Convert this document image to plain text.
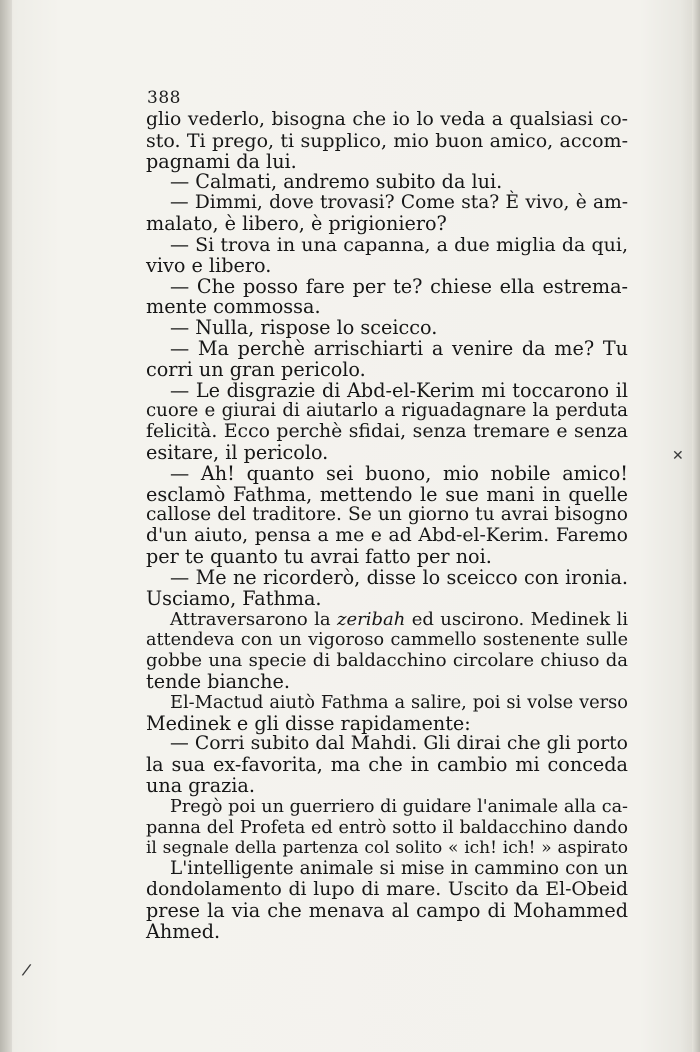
388
glio vederlo, bisogna che io lo veda a qualsiasi co-
sto. Ti prego, ti supplico, mio buon amico, accom-
pagnami da lui.
— Calmati, andremo subito da lui.
— Dimmi, dove trovasi? Come sta? È vivo, è am-
malato, è libero, è prigioniero?
— Si trova in una capanna, a due miglia da qui,
vivo e libero.
— Che posso fare per te? chiese ella estrema-
mente commossa.
— Nulla, rispose lo sceicco.
— Ma perchè arrischiarti a venire da me? Tu
corri un gran pericolo.
— Le disgrazie di Abd-el-Kerim mi toccarono il
cuore e giurai di aiutarlo a riguadagnare la perduta
felicità. Ecco perchè sfidai, senza tremare e senza
esitare, il pericolo.
— Ah! quanto sei buono, mio nobile amico!
esclamò Fathma, mettendo le sue mani in quelle
callose del traditore. Se un giorno tu avrai bisogno
d'un aiuto, pensa a me e ad Abd-el-Kerim. Faremo
per te quanto tu avrai fatto per noi.
— Me ne ricorderò, disse lo sceicco con ironia.
Usciamo, Fathma.
Attraversarono la zeribah ed uscirono. Medinek li
attendeva con un vigoroso cammello sostenente sulle
gobbe una specie di baldacchino circolare chiuso da
tende bianche.
El-Mactud aiutò Fathma a salire, poi si volse verso
Medinek e gli disse rapidamente:
— Corri subito dal Mahdi. Gli dirai che gli porto
la sua ex-favorita, ma che in cambio mi conceda
una grazia.
Pregò poi un guerriero di guidare l'animale alla ca-
panna del Profeta ed entrò sotto il baldacchino dando
il segnale della partenza col solito « ich! ich! » aspirato
L'intelligente animale si mise in cammino con un
dondolamento di lupo di mare. Uscito da El-Obeid
prese la via che menava al campo di Mohammed
Ahmed.
✕
/
